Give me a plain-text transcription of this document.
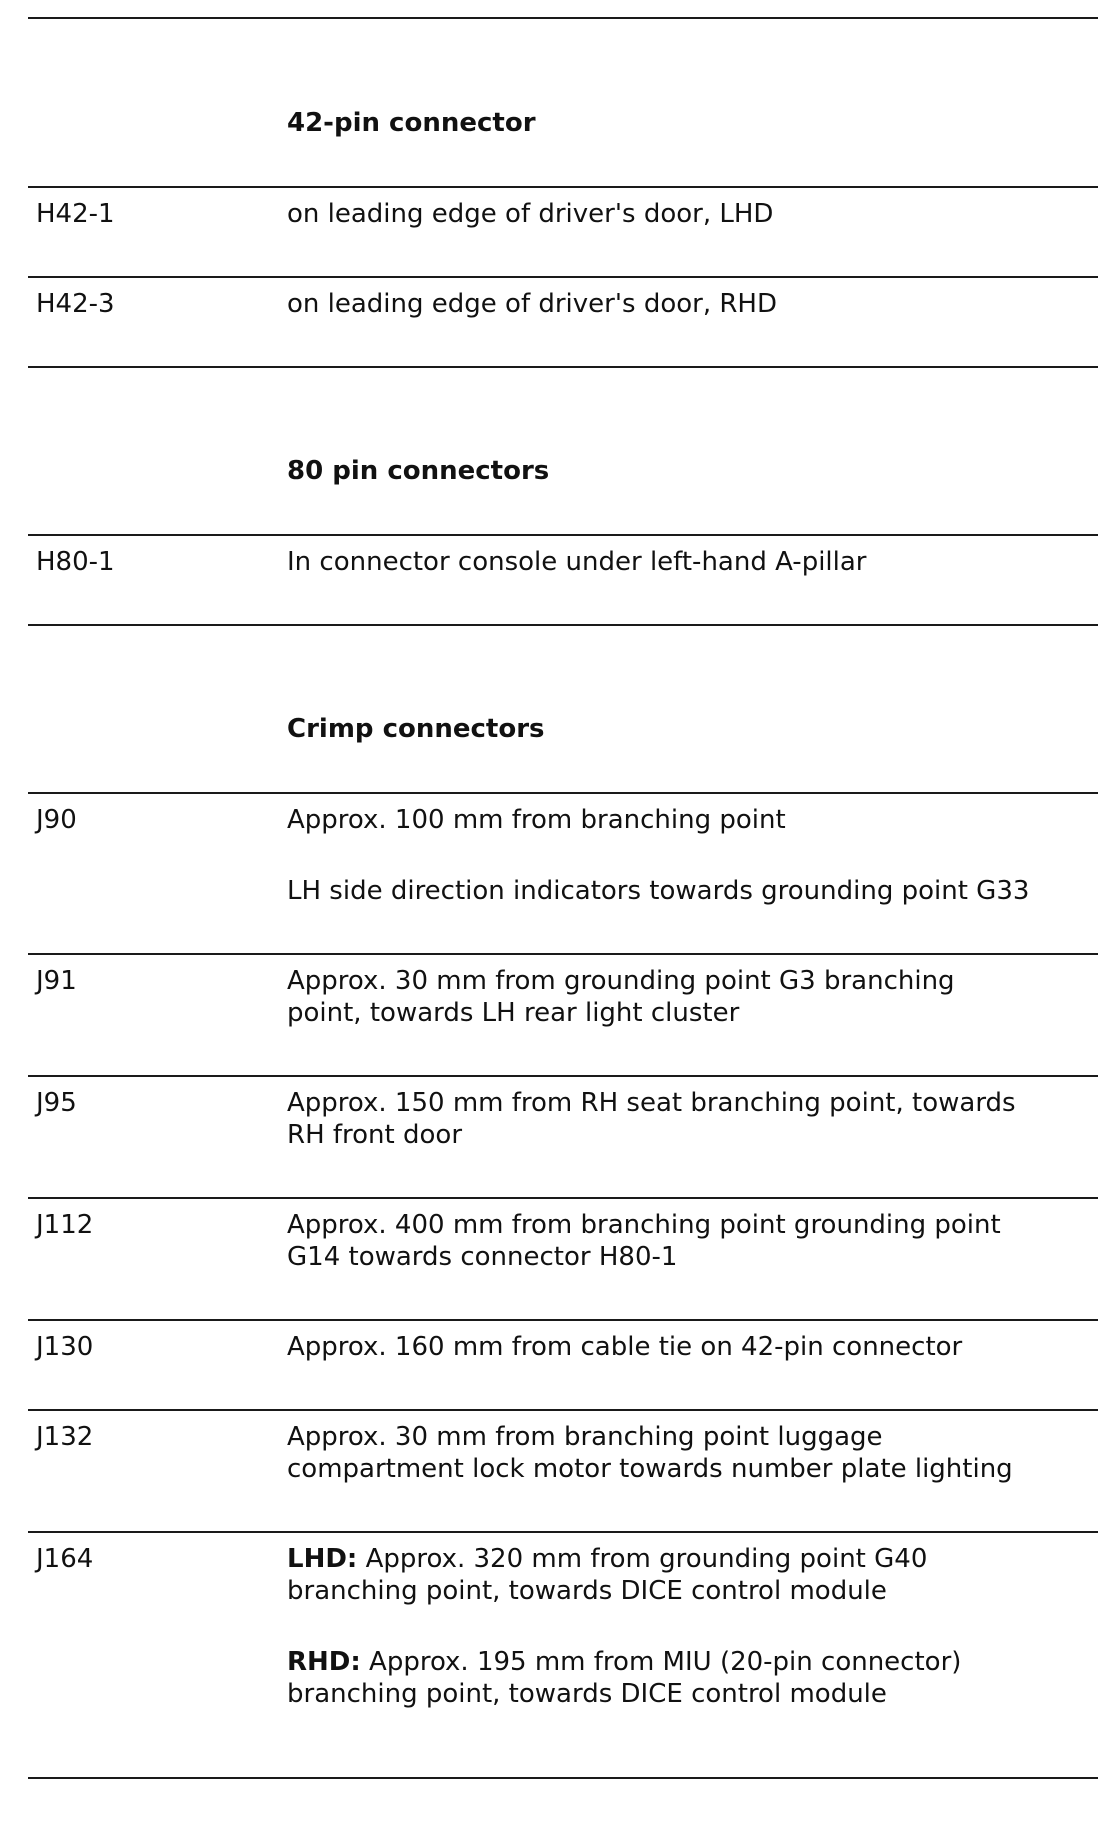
42-pin connector
H42-1	on leading edge of driver's door, LHD
H42-3	on leading edge of driver's door, RHD
80 pin connectors
H80-1	In connector console under left-hand A-pillar
Crimp connectors
J90	Approx. 100 mm from branching point
LH side direction indicators towards grounding point G33
J91	Approx. 30 mm from grounding point G3 branching
point, towards LH rear light cluster
J95	Approx. 150 mm from RH seat branching point, towards
RH front door
J112	Approx. 400 mm from branching point grounding point
G14 towards connector H80-1
J130	Approx. 160 mm from cable tie on 42-pin connector
J132	Approx. 30 mm from branching point luggage
compartment lock motor towards number plate lighting
J164	LHD: Approx. 320 mm from grounding point G40
branching point, towards DICE control module
RHD: Approx. 195 mm from MIU (20-pin connector)
branching point, towards DICE control module
